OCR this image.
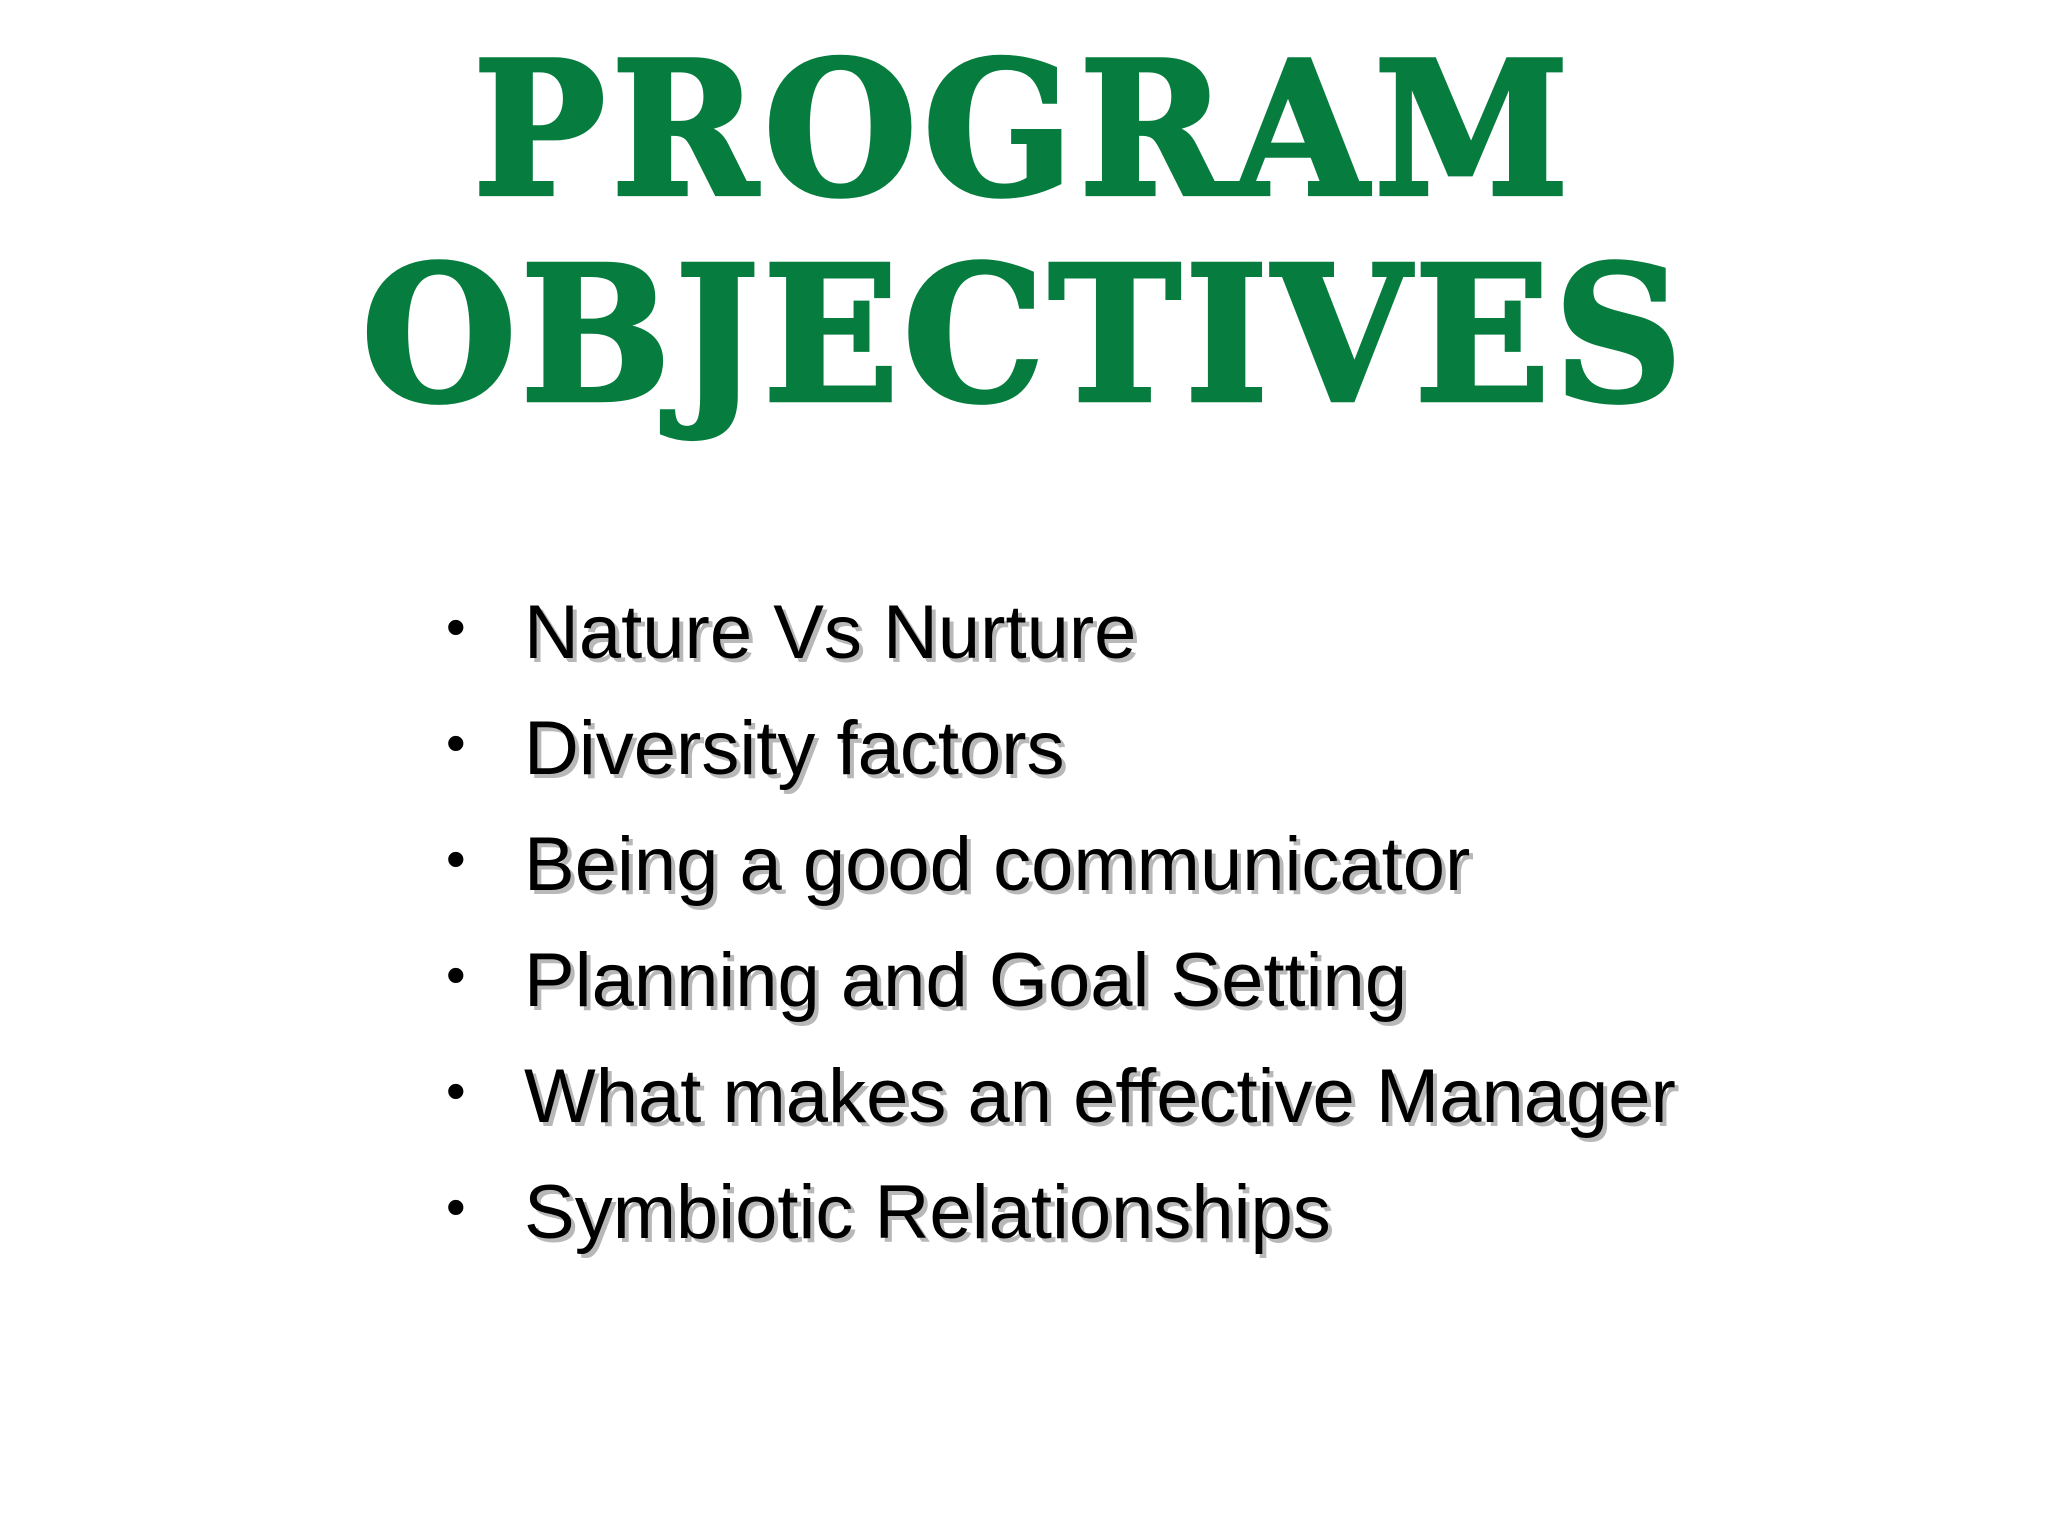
PROGRAM
OBJECTIVES
• Nature Vs Nurture
• Diversity factors
• Being a good communicator
• Planning and Goal Setting
• What makes an effective Manager
• Symbiotic Relationships
